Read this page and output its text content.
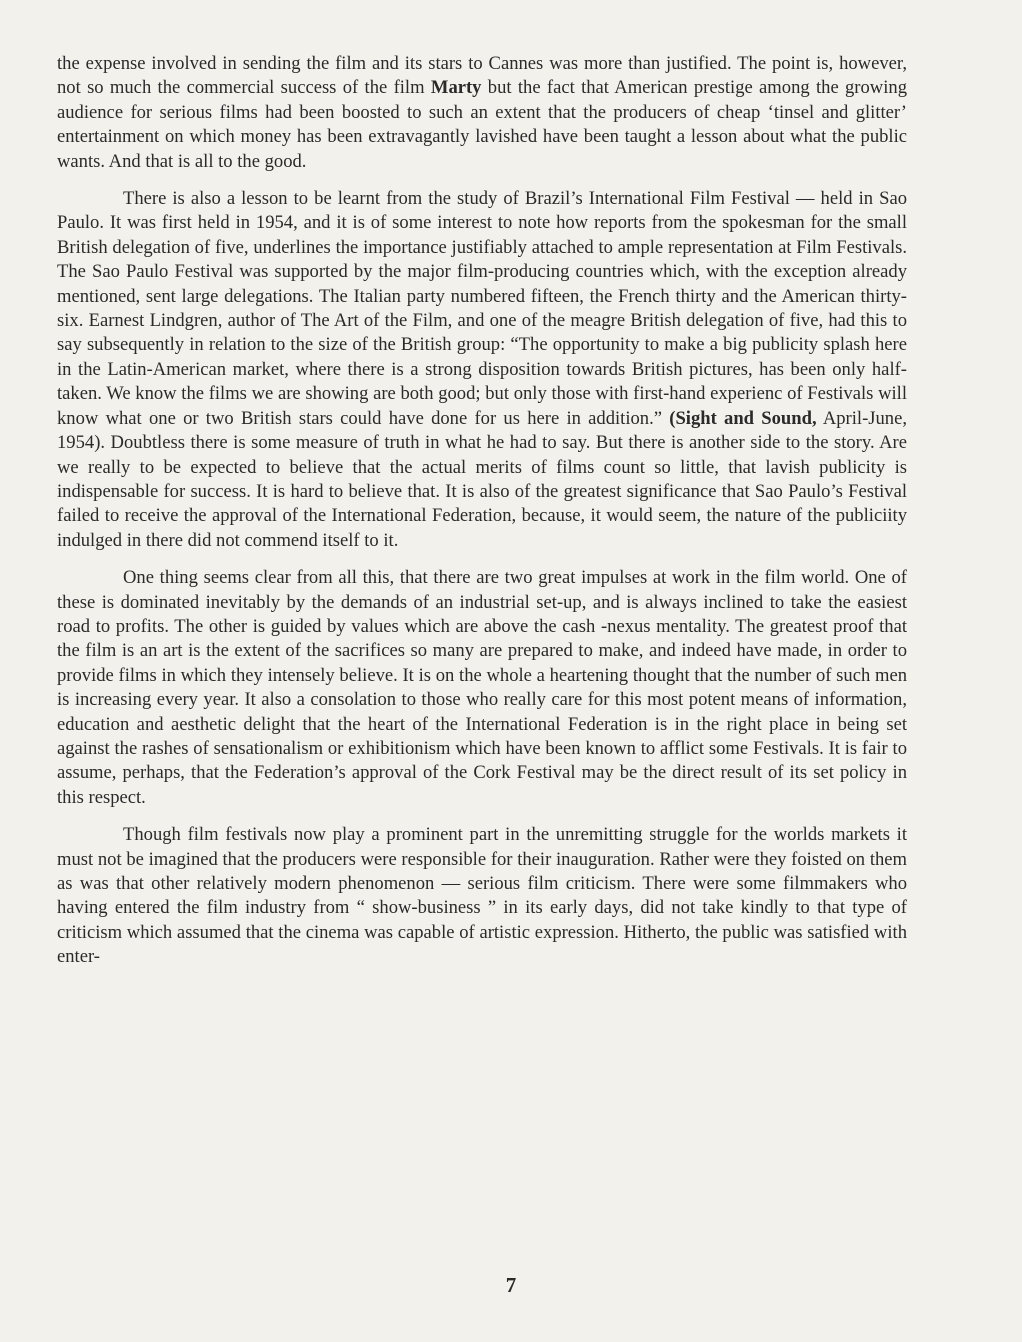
the expense involved in sending the film and its stars to Cannes was more than justified. The point is, however, not so much the commercial success of the film Marty but the fact that American prestige among the growing audience for serious films had been boosted to such an extent that the producers of cheap ‘tinsel and glitter’ entertainment on which money has been extravagantly lavished have been taught a lesson about what the public wants. And that is all to the good.

There is also a lesson to be learnt from the study of Brazil’s International Film Festival — held in Sao Paulo. It was first held in 1954, and it is of some interest to note how reports from the spokesman for the small British delegation of five, underlines the importance justifiably attached to ample representation at Film Festivals. The Sao Paulo Festival was supported by the major film-producing countries which, with the exception already mentioned, sent large delegations. The Italian party numbered fifteen, the French thirty and the American thirty-six. Earnest Lindgren, author of The Art of the Film, and one of the meagre British delegation of five, had this to say subsequently in relation to the size of the British group: “The opportunity to make a big publicity splash here in the Latin-American market, where there is a strong disposition towards British pictures, has been only half-taken. We know the films we are showing are both good; but only those with first-hand experienc of Festivals will know what one or two British stars could have done for us here in addition.” (Sight and Sound, April-June, 1954). Doubtless there is some measure of truth in what he had to say. But there is another side to the story. Are we really to be expected to believe that the actual merits of films count so little, that lavish publicity is indispensable for success. It is hard to believe that. It is also of the greatest significance that Sao Paulo’s Festival failed to receive the approval of the International Federation, because, it would seem, the nature of the publiciity indulged in there did not commend itself to it.

One thing seems clear from all this, that there are two great impulses at work in the film world. One of these is dominated inevitably by the demands of an industrial set-up, and is always inclined to take the easiest road to profits. The other is guided by values which are above the cash -nexus mentality. The greatest proof that the film is an art is the extent of the sacrifices so many are prepared to make, and indeed have made, in order to provide films in which they intensely believe. It is on the whole a heartening thought that the number of such men is increasing every year. It also a consolation to those who really care for this most potent means of information, education and aesthetic delight that the heart of the International Federation is in the right place in being set against the rashes of sensationalism or exhibitionism which have been known to afflict some Festivals. It is fair to assume, perhaps, that the Federation’s approval of the Cork Festival may be the direct result of its set policy in this respect.

Though film festivals now play a prominent part in the unremitting struggle for the worlds markets it must not be imagined that the producers were responsible for their inauguration. Rather were they foisted on them as was that other relatively modern phenomenon — serious film criticism. There were some filmmakers who having entered the film industry from “ show-business ” in its early days, did not take kindly to that type of criticism which assumed that the cinema was capable of artistic expression. Hitherto, the public was satisfied with enter-

7
